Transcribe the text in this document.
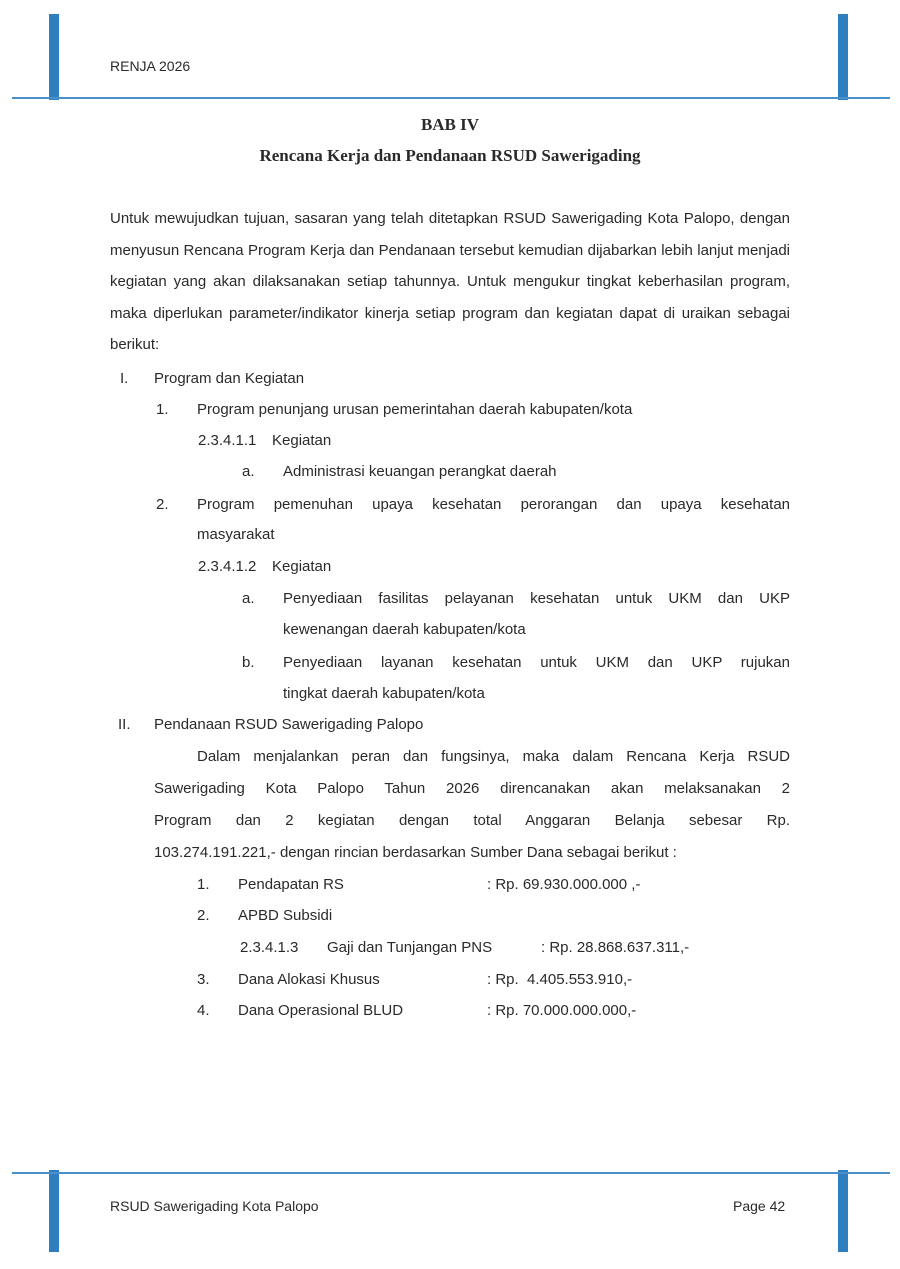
RENJA 2026
BAB IV
Rencana Kerja dan Pendanaan RSUD Sawerigading
Untuk mewujudkan tujuan, sasaran yang telah ditetapkan RSUD Sawerigading Kota Palopo, dengan menyusun Rencana Program Kerja dan Pendanaan tersebut kemudian dijabarkan lebih lanjut menjadi kegiatan yang akan dilaksanakan setiap tahunnya. Untuk mengukur tingkat keberhasilan program, maka diperlukan parameter/indikator kinerja setiap program dan kegiatan dapat di uraikan sebagai berikut:
I. Program dan Kegiatan
1. Program penunjang urusan pemerintahan daerah kabupaten/kota
2.3.4.1.1 Kegiatan
a. Administrasi keuangan perangkat daerah
2. Program pemenuhan upaya kesehatan perorangan dan upaya kesehatan
masyarakat
2.3.4.1.2 Kegiatan
a. Penyediaan fasilitas pelayanan kesehatan untuk UKM dan UKP
kewenangan daerah kabupaten/kota
b. Penyediaan layanan kesehatan untuk UKM dan UKP rujukan
tingkat daerah kabupaten/kota
II. Pendanaan RSUD Sawerigading Palopo
Dalam menjalankan peran dan fungsinya, maka dalam Rencana Kerja RSUD
Sawerigading Kota Palopo Tahun 2026 direncanakan akan melaksanakan 2
Program dan 2 kegiatan dengan total Anggaran Belanja sebesar Rp.
103.274.191.221,- dengan rincian berdasarkan Sumber Dana sebagai berikut :
1. Pendapatan RS	: Rp. 69.930.000.000 ,-
2. APBD Subsidi
2.3.4.1.3 Gaji dan Tunjangan PNS	: Rp. 28.868.637.311,-
3. Dana Alokasi Khusus	: Rp.  4.405.553.910,-
4. Dana Operasional BLUD	: Rp. 70.000.000.000,-
RSUD Sawerigading Kota Palopo	Page 42
